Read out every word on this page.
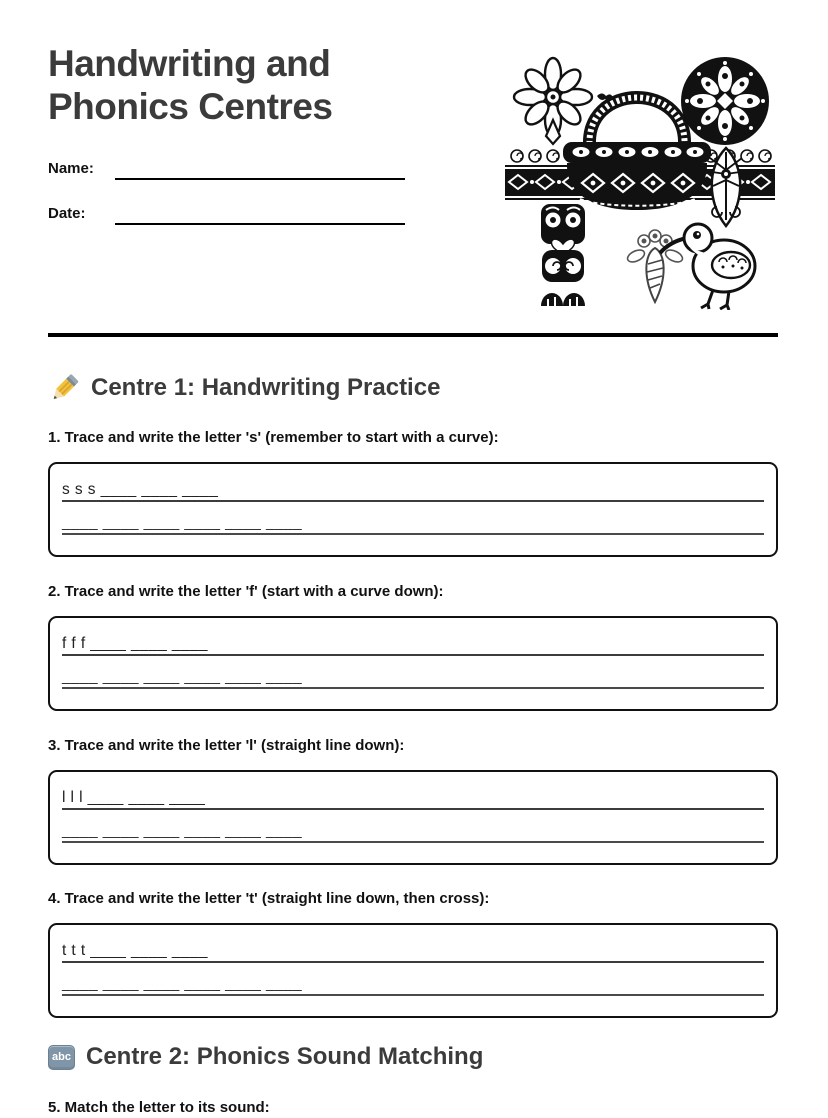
Handwriting and Phonics Centres
Name:
Date:
Centre 1: Handwriting Practice
1. Trace and write the letter 's' (remember to start with a curve):
s s s ____ ____ ____
____ ____ ____ ____ ____ ____
2. Trace and write the letter 'f' (start with a curve down):
f f f ____ ____ ____
____ ____ ____ ____ ____ ____
3. Trace and write the letter 'l' (straight line down):
l l l ____ ____ ____
____ ____ ____ ____ ____ ____
4. Trace and write the letter 't' (straight line down, then cross):
t t t ____ ____ ____
____ ____ ____ ____ ____ ____
abc Centre 2: Phonics Sound Matching
5. Match the letter to its sound:
